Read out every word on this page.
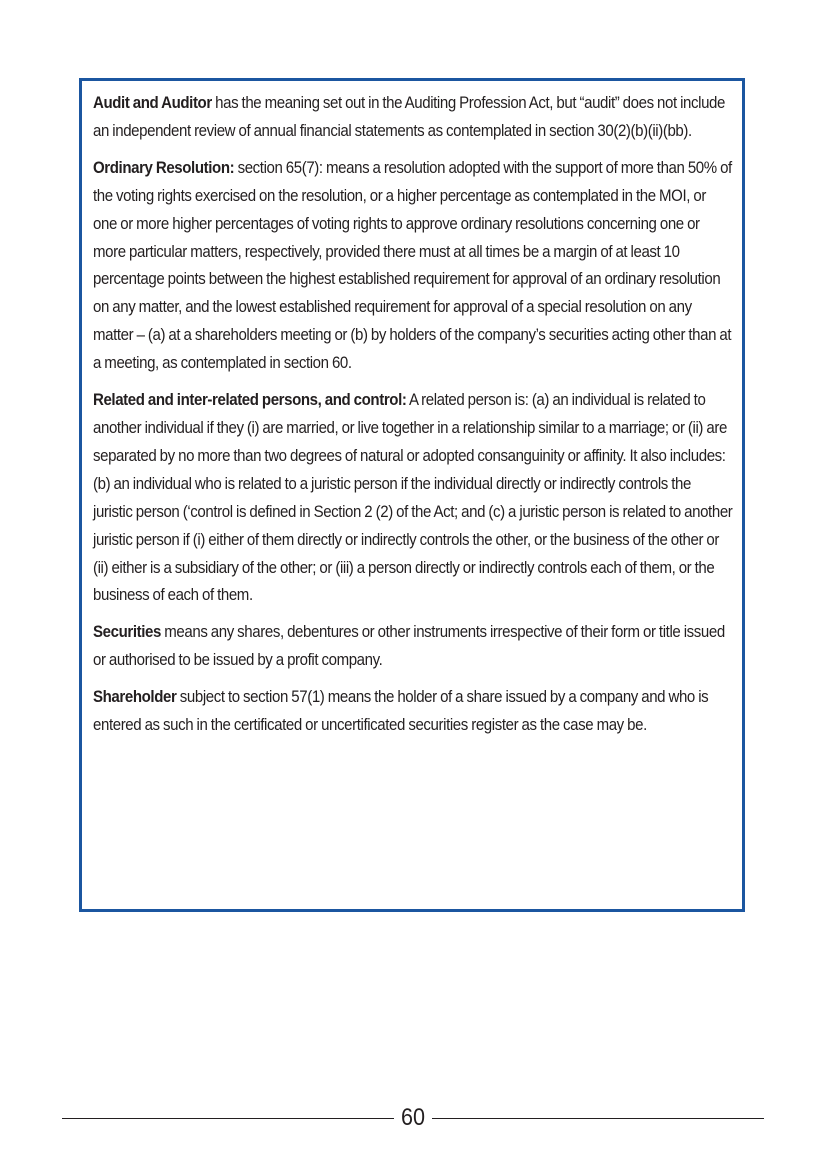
Audit and Auditor has the meaning set out in the Auditing Profession Act, but “audit” does not include an independent review of annual financial statements as contemplated in section 30(2)(b)(ii)(bb).

Ordinary Resolution: section 65(7): means a resolution adopted with the support of more than 50% of the voting rights exercised on the resolution, or a higher percentage as contemplated in the MOI, or one or more higher percentages of voting rights to approve ordinary resolutions concerning one or more particular matters, respectively, provided there must at all times be a margin of at least 10 percentage points between the highest established requirement for approval of an ordinary resolution on any matter, and the lowest established requirement for approval of a special resolution on any matter – (a) at a shareholders meeting or (b) by holders of the company’s securities acting other than at a meeting, as contemplated in section 60.

Related and inter-related persons, and control: A related person is: (a) an individual is related to another individual if they (i) are married, or live together in a relationship similar to a marriage; or (ii) are separated by no more than two degrees of natural or adopted consanguinity or affinity. It also includes: (b) an individual who is related to a juristic person if the individual directly or indirectly controls the juristic person (‘control is defined in Section 2 (2) of the Act; and (c) a juristic person is related to another juristic person if (i) either of them directly or indirectly controls the other, or the business of the other or (ii) either is a subsidiary of the other; or (iii) a person directly or indirectly controls each of them, or the business of each of them.

Securities means any shares, debentures or other instruments irrespective of their form or title issued or authorised to be issued by a profit company.

Shareholder subject to section 57(1) means the holder of a share issued by a company and who is entered as such in the certificated or uncertificated securities register as the case may be.

60
